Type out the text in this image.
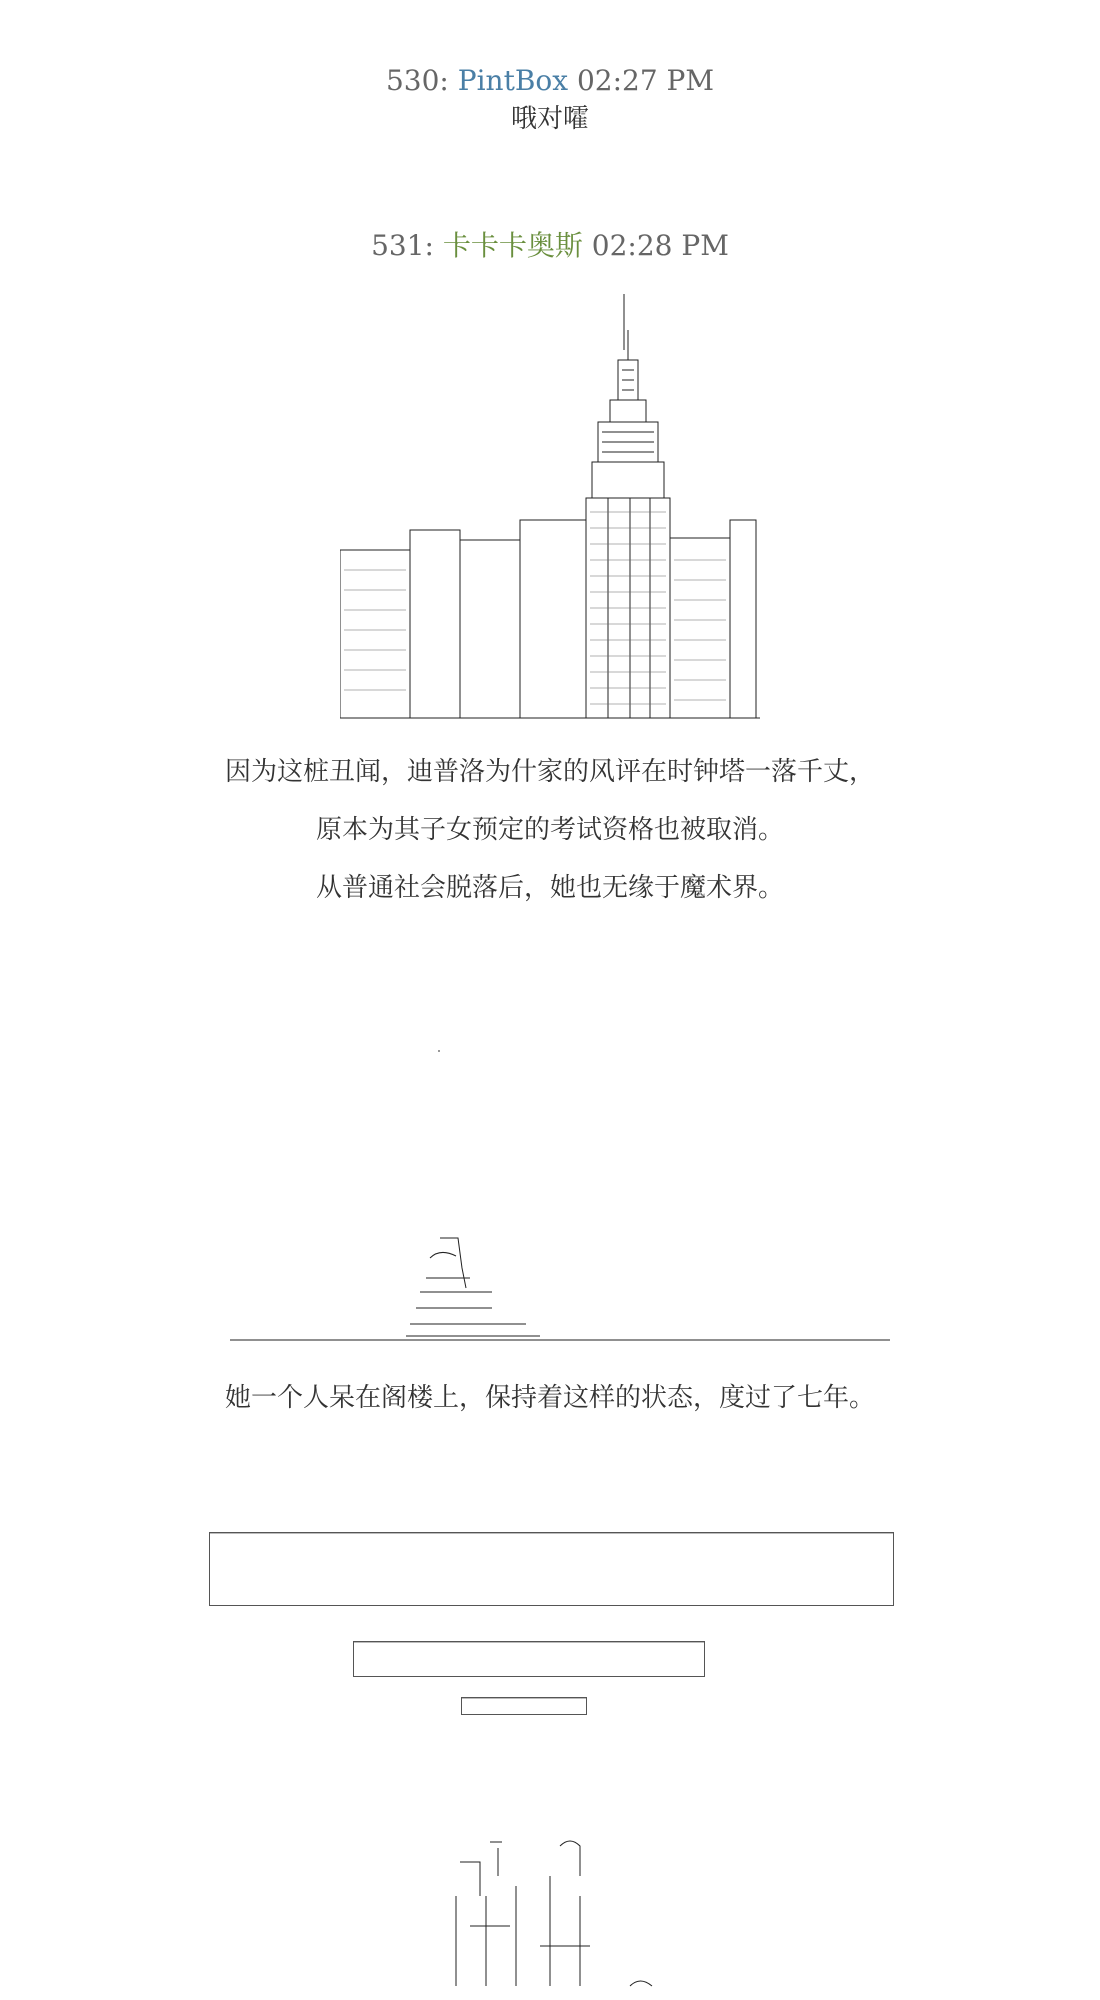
530: PintBox 02:27 PM
哦对嚯
531: 卡卡卡奥斯 02:28 PM
因为这桩丑闻，迪普洛为什家的风评在时钟塔一落千丈，
原本为其子女预定的考试资格也被取消。
从普通社会脱落后，她也无缘于魔术界。
她一个人呆在阁楼上，保持着这样的状态，度过了七年。
